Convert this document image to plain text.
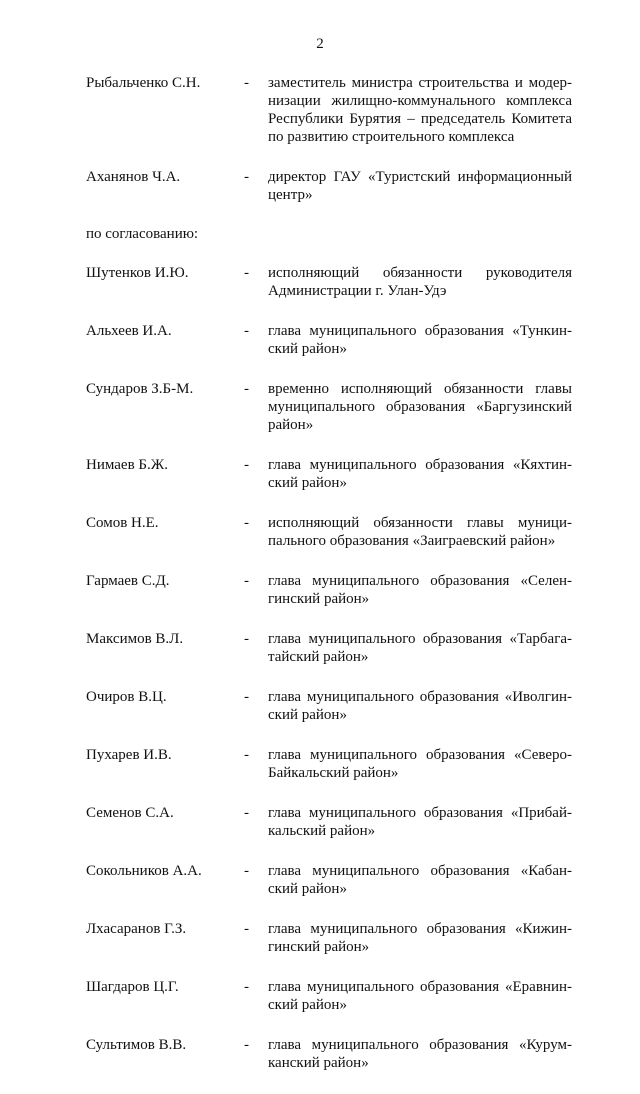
2
Рыбальченко С.Н.	- заместитель министра строительства и модер-
низации жилищно-коммунального комплекса
Республики Бурятия – председатель Комитета
по развитию строительного комплекса
Аханянов Ч.А.	- директор ГАУ «Туристский информационный
центр»
по согласованию:
Шутенков И.Ю.	- исполняющий обязанности руководителя
Администрации г. Улан-Удэ
Альхеев И.А.	- глава муниципального образования «Тункин-
ский район»
Сундаров З.Б-М.	- временно исполняющий обязанности главы
муниципального образования «Баргузинский
район»
Нимаев Б.Ж.	- глава муниципального образования «Кяхтин-
ский район»
Сомов Н.Е.	- исполняющий обязанности главы муници-
пального образования «Заиграевский район»
Гармаев С.Д.	- глава муниципального образования «Селен-
гинский район»
Максимов В.Л.	- глава муниципального образования «Тарбага-
тайский район»
Очиров В.Ц.	- глава муниципального образования «Иволгин-
ский район»
Пухарев И.В.	- глава муниципального образования «Северо-
Байкальский район»
Семенов С.А.	- глава муниципального образования «Прибай-
кальский район»
Сокольников А.А.	- глава муниципального образования «Кабан-
ский район»
Лхасаранов Г.З.	- глава муниципального образования «Кижин-
гинский район»
Шагдаров Ц.Г.	- глава муниципального образования «Еравнин-
ский район»
Сультимов В.В.	- глава муниципального образования «Курум-
канский район»
